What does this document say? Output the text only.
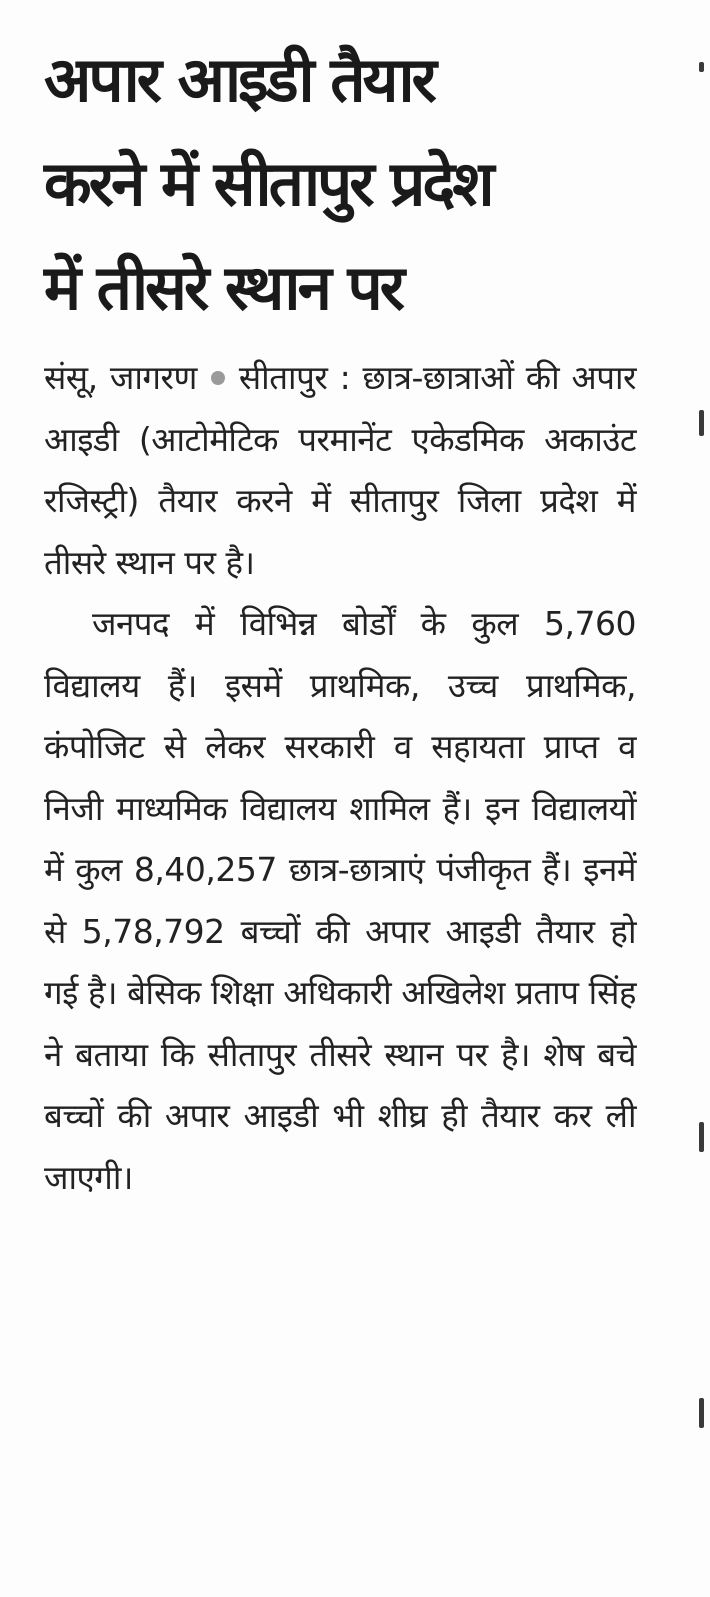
अपार आइडी तैयार
करने में सीतापुर प्रदेश
में तीसरे स्थान पर

संसू, जागरण सीतापुर : छात्र-छात्राओं की अपार आइडी (आटोमेटिक परमानेंट एकेडमिक अकाउंट रजिस्ट्री) तैयार करने में सीतापुर जिला प्रदेश में तीसरे स्थान पर है।

जनपद में विभिन्न बोर्डों के कुल 5,760 विद्यालय हैं। इसमें प्राथमिक, उच्च प्राथमिक, कंपोजिट से लेकर सरकारी व सहायता प्राप्त व निजी माध्यमिक विद्यालय शामिल हैं। इन विद्यालयों में कुल 8,40,257 छात्र-छात्राएं पंजीकृत हैं। इनमें से 5,78,792 बच्चों की अपार आइडी तैयार हो गई है। बेसिक शिक्षा अधिकारी अखिलेश प्रताप सिंह ने बताया कि सीतापुर तीसरे स्थान पर है। शेष बचे बच्चों की अपार आइडी भी शीघ्र ही तैयार कर ली जाएगी।
